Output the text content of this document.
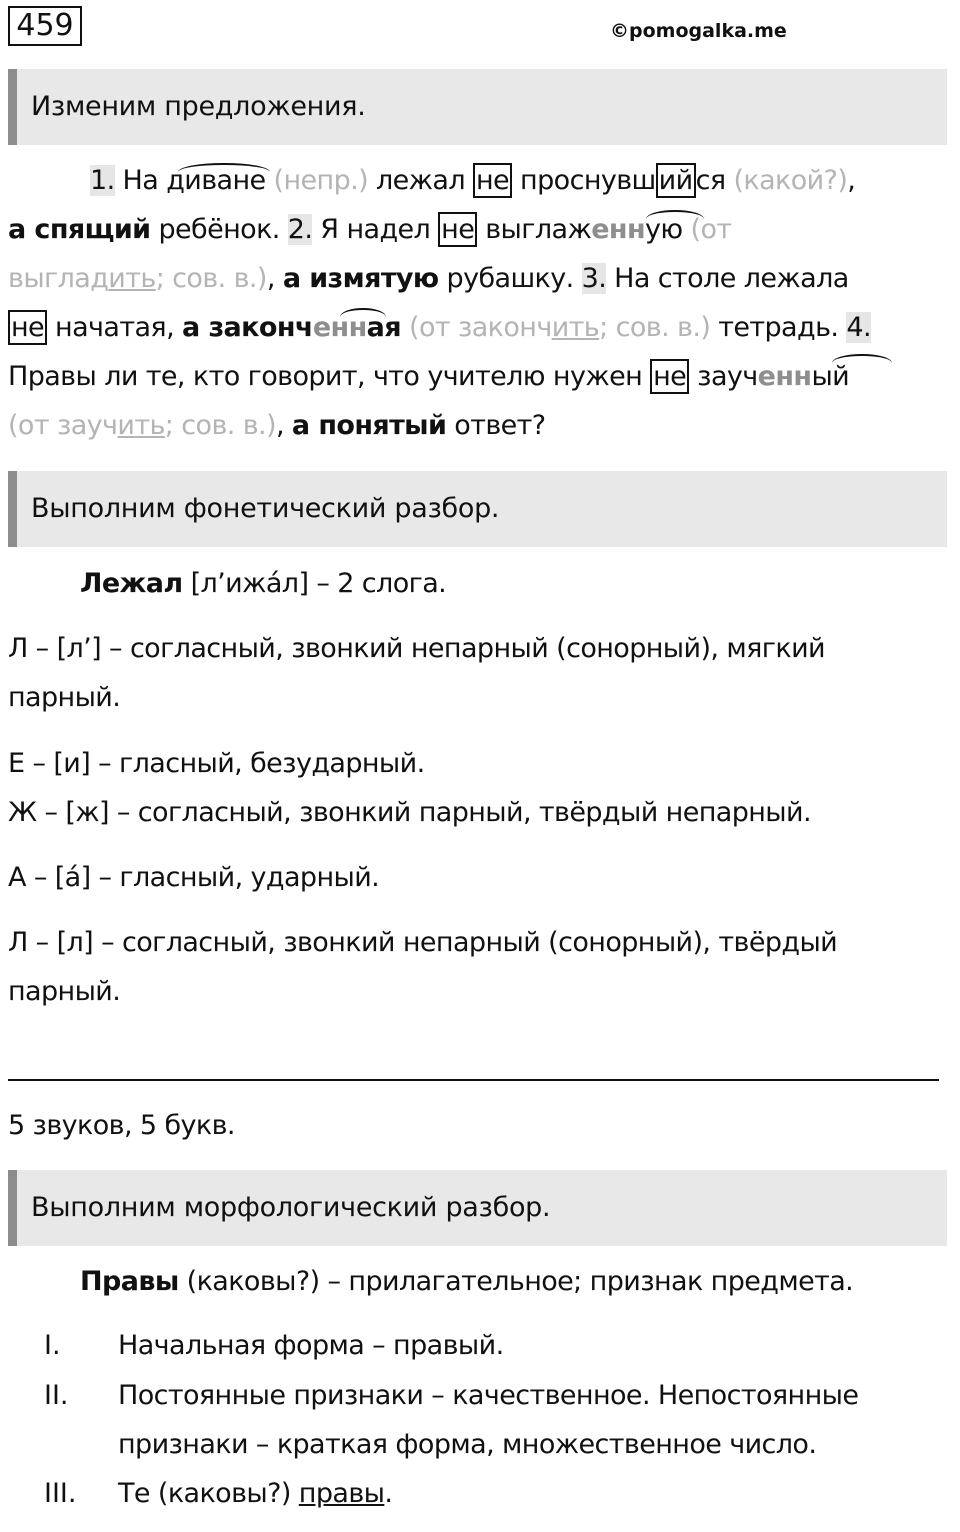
459	©pomogalka.me
Изменим предложения.
1. На диване (непр.) лежал не проснувш ий ся (какой?),
а спящий ребёнок. 2. Я надел не выглаженную (от
выгладить; сов. в.), а измятую рубашку. 3. На столе лежала
не начатая, а законченная (от закончить; сов. в.) тетрадь. 4.
Правы ли те, кто говорит, что учителю нужен не заученный
(от заучить; сов. в.), а понятый ответ?
Выполним фонетический разбор.
Лежал [л’ижа́л] – 2 слога.
Л – [л’] – согласный, звонкий непарный (сонорный), мягкий
парный.
Е – [и] – гласный, безударный.
Ж – [ж] – согласный, звонкий парный, твёрдый непарный.
А – [а́] – гласный, ударный.
Л – [л] – согласный, звонкий непарный (сонорный), твёрдый
парный.
5 звуков, 5 букв.
Выполним морфологический разбор.
Правы (каковы?) – прилагательное; признак предмета.
I. Начальная форма – правый.
II. Постоянные признаки – качественное. Непостоянные
признаки – краткая форма, множественное число.
III. Те (каковы?) правы.
